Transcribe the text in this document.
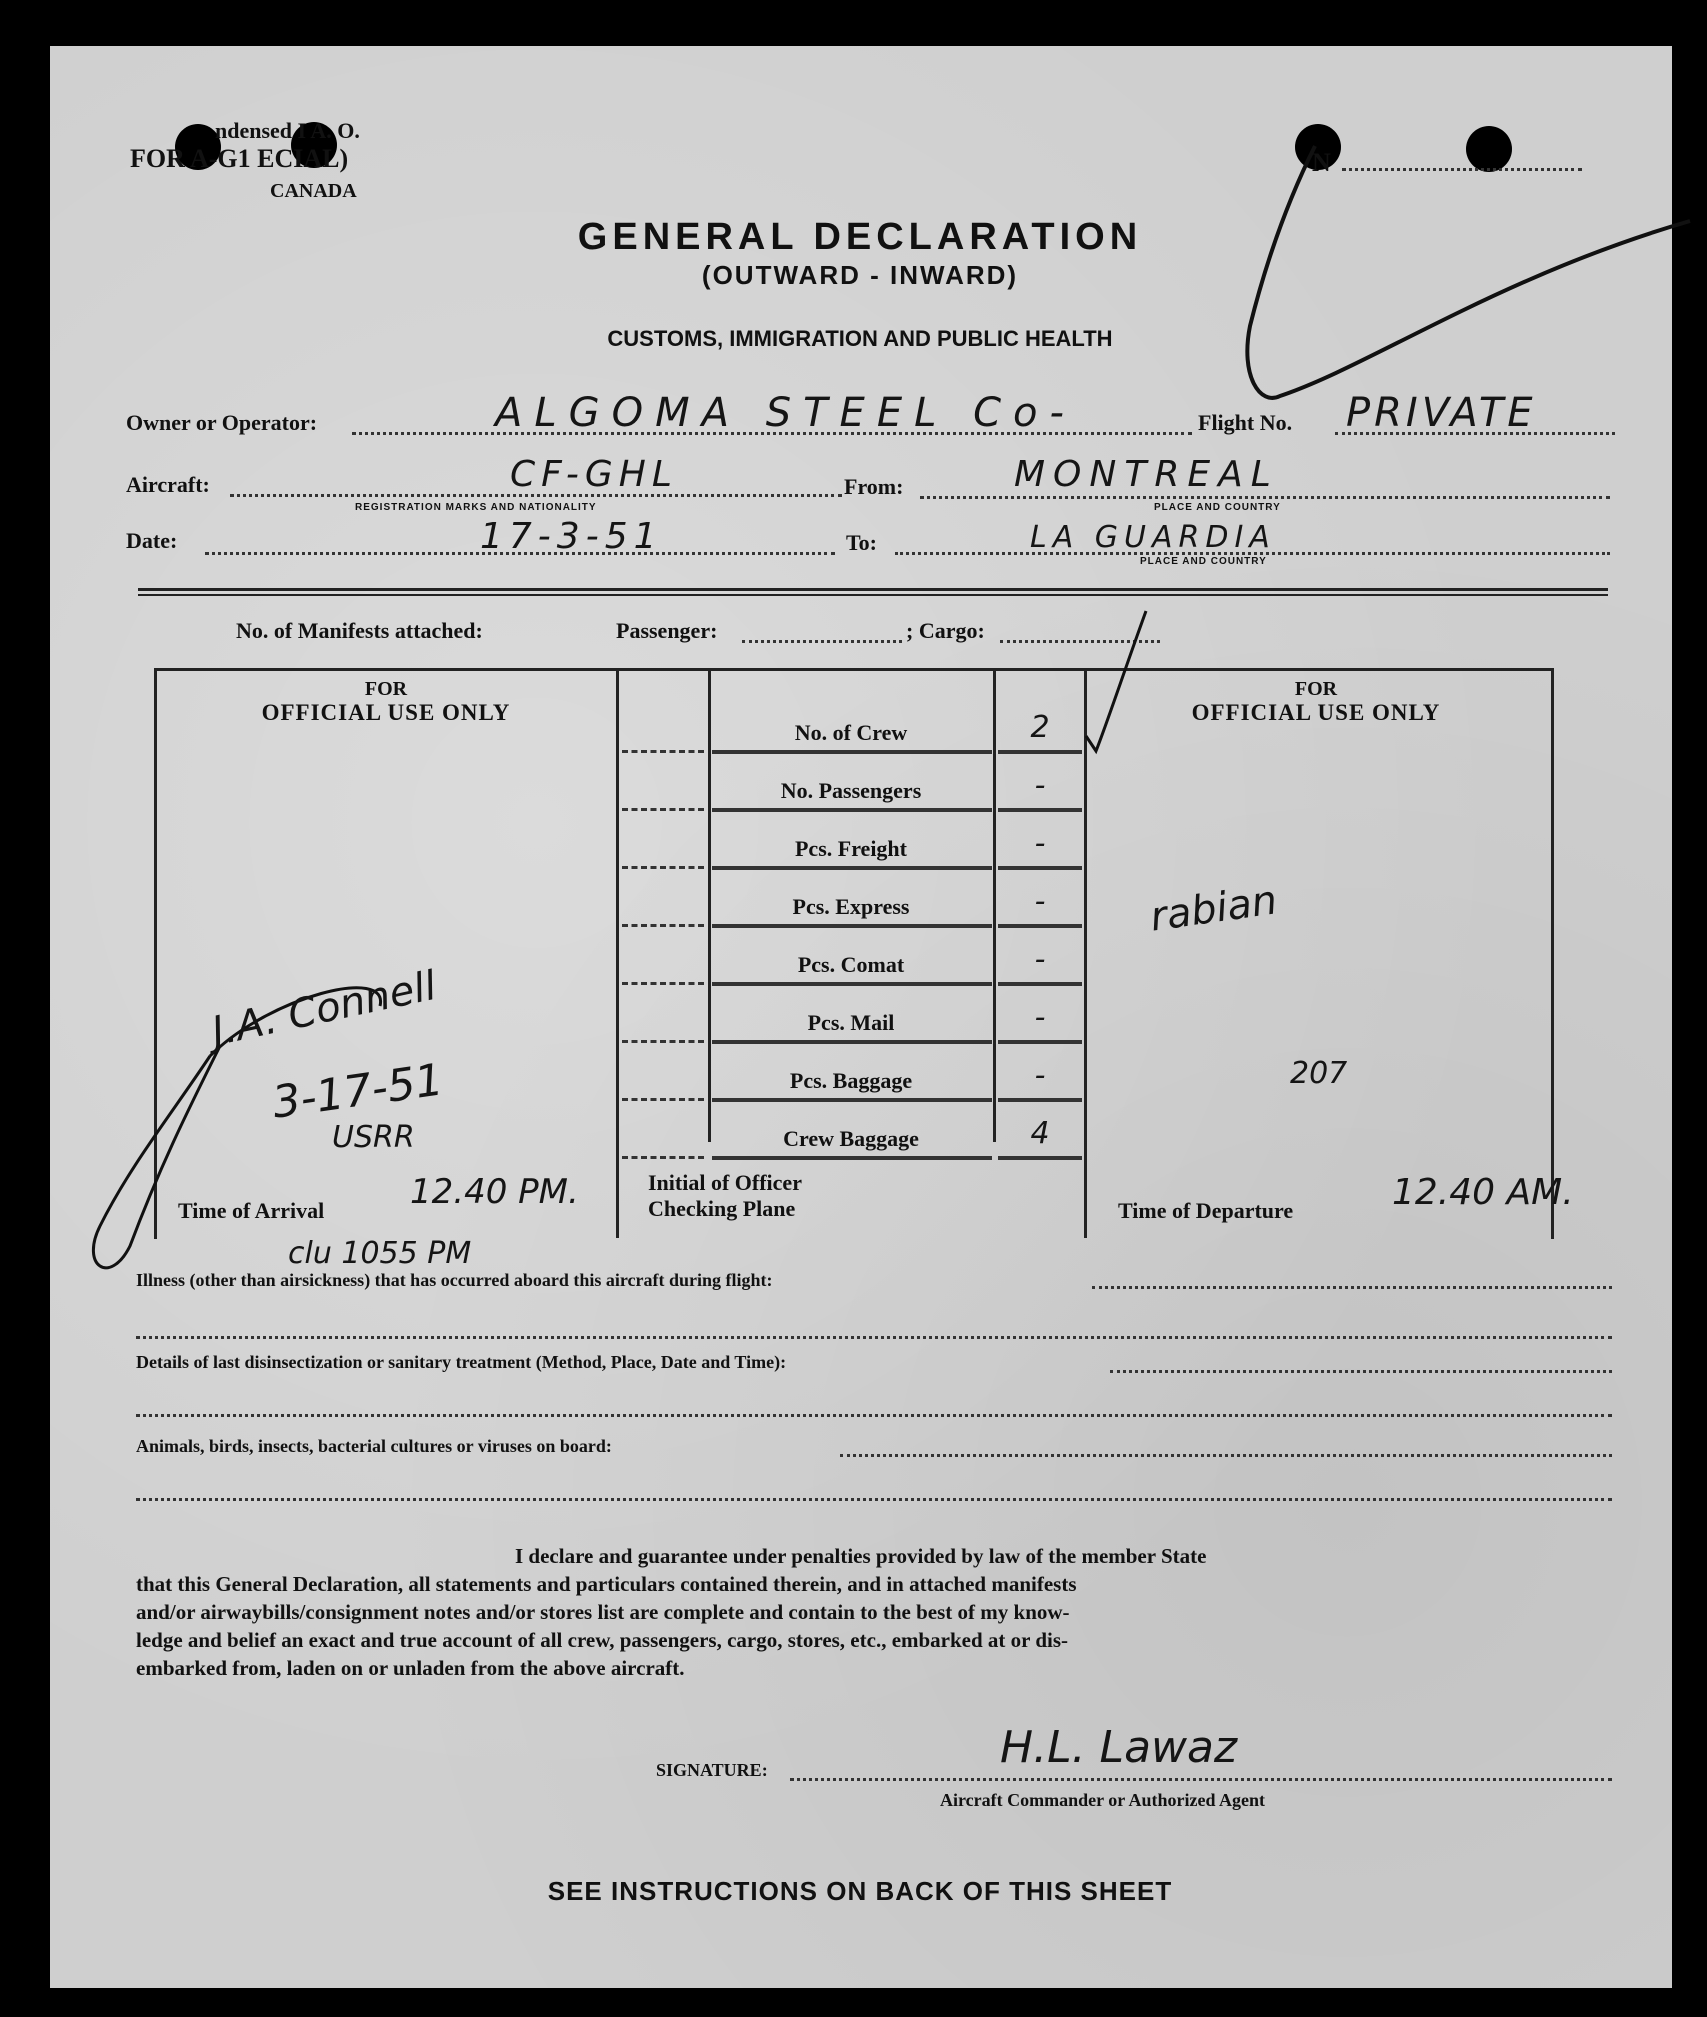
ndensed I A. O.
FOR A-G1 ECIAL)
CANADA
N
GENERAL DECLARATION
(OUTWARD - INWARD)
CUSTOMS, IMMIGRATION AND PUBLIC HEALTH
Owner or Operator:	ALGOMA STEEL Co-	Flight No. PRIVATE
Aircraft:	CF-GHL
REGISTRATION MARKS AND NATIONALITY
From:	MONTREAL
PLACE AND COUNTRY
Date:	17-3-51	To:	LA GUARDIA
PLACE AND COUNTRY
No. of Manifests attached:	Passenger:	; Cargo:
FOR
OFFICIAL USE ONLY
FOR
OFFICIAL USE ONLY
No. of Crew	2
No. Passengers	-
Pcs. Freight	-
Pcs. Express	-
Pcs. Comat	-
Pcs. Mail	-
Pcs. Baggage	-
Crew Baggage	4
Time of Arrival	12.40 PM.	Initial of Officer
Checking Plane	Time of Departure	12.40 AM.
J.A. Connell
3-17-51
USRR
rabian
207
clu 1055 PM
Illness (other than airsickness) that has occurred aboard this aircraft during flight:
Details of last disinsectization or sanitary treatment (Method, Place, Date and Time):
Animals, birds, insects, bacterial cultures or viruses on board:
I declare and guarantee under penalties provided by law of the member State
that this General Declaration, all statements and particulars contained therein, and in attached manifests
and/or airwaybills/consignment notes and/or stores list are complete and contain to the best of my know-
ledge and belief an exact and true account of all crew, passengers, cargo, stores, etc., embarked at or dis-
embarked from, laden on or unladen from the above aircraft.
SIGNATURE:	H.L. Lawaz
Aircraft Commander or Authorized Agent
SEE INSTRUCTIONS ON BACK OF THIS SHEET
